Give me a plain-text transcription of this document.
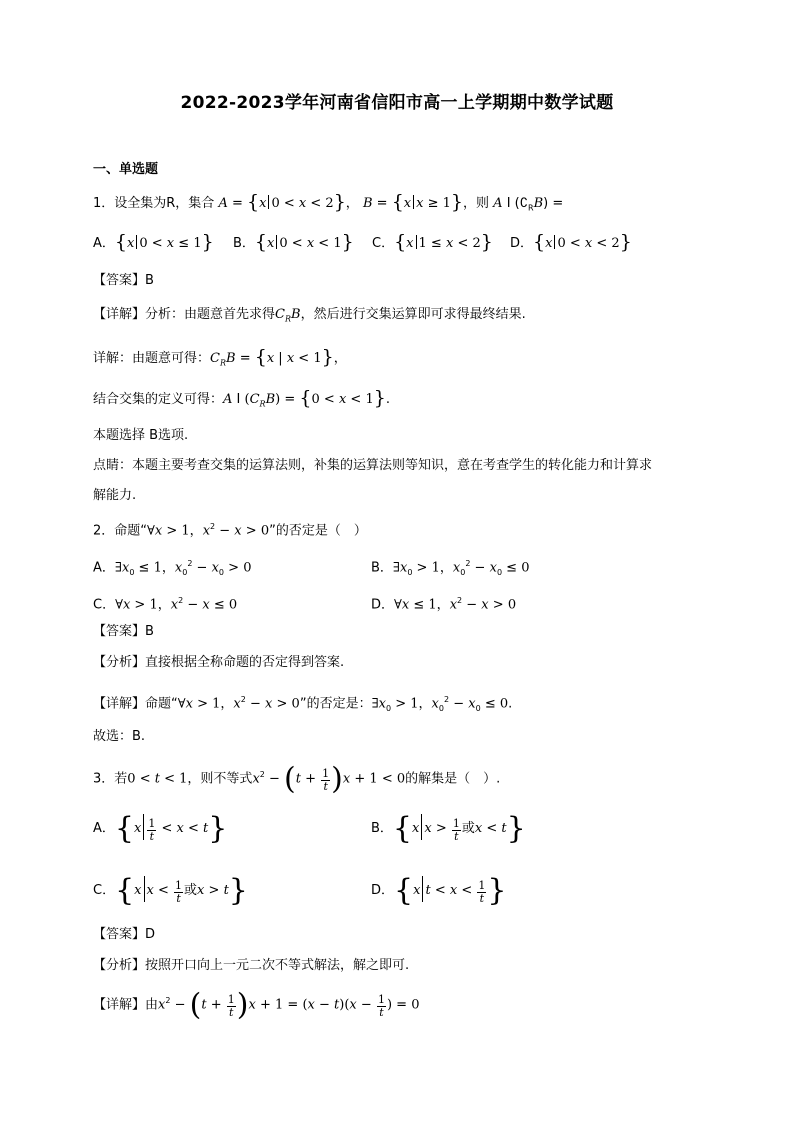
2022-2023学年河南省信阳市高一上学期期中数学试题
一、单选题
1．设全集为R，集合 A = {x 0 < x < 2}， B = {x x ≥ 1}，则 A I $(∁_RB)$ =
A．{x 0 < x ≤ 1} B．{x 0 < x < 1} C．{x 1 ≤ x < 2} D．{x 0 < x < 2}
【答案】B
【详解】分析：由题意首先求得$C_RB$，然后进行交集运算即可求得最终结果.
详解：由题意可得：$C_RB = \{x$ | x < 1}，
结合交集的定义可得：A I $(C_RB) = \{0 < x < 1\}$.
本题选择 B选项.
点睛：本题主要考查交集的运算法则，补集的运算法则等知识，意在考查学生的转化能力和计算求
解能力.
2．命题“∀x > 1，$x^2 - x > 0$”的否定是（　）
A．$\exists x_0 \le 1$，$x_0^2 - x_0 > 0$	B．$\exists x_0 > 1$，$x_0^2 - x_0 \le 0$
C．∀x > 1，$x^2 - x \le 0$	D．∀x ≤ 1，$x^2 - x > 0$
【答案】B
【分析】直接根据全称命题的否定得到答案.
【详解】命题“∀x > 1，$x^2 - x > 0$”的否定是：$\exists x_0 > 1$，$x_0^2 - x_0 \le 0$.
故选：B.
3．若0 < t < 1，则不等式$x^2 - (t + \frac{1}{t} )x + 1 < 0$的解集是（　）.
A．$\{x \frac{1}{t} < x < t\}$	B．{x $x > \frac{1}{t}$ 或x < t}
C．{x $x < \frac{1}{t}$ 或x > t}	D．{x $t < x < \frac{1}{t}$ }
【答案】D
【分析】按照开口向上一元二次不等式解法，解之即可.
【详解】由$x^2 - (t + \frac{1}{t} )x + 1 = (x - t)(x - \frac{1}{t}$ ) = 0
